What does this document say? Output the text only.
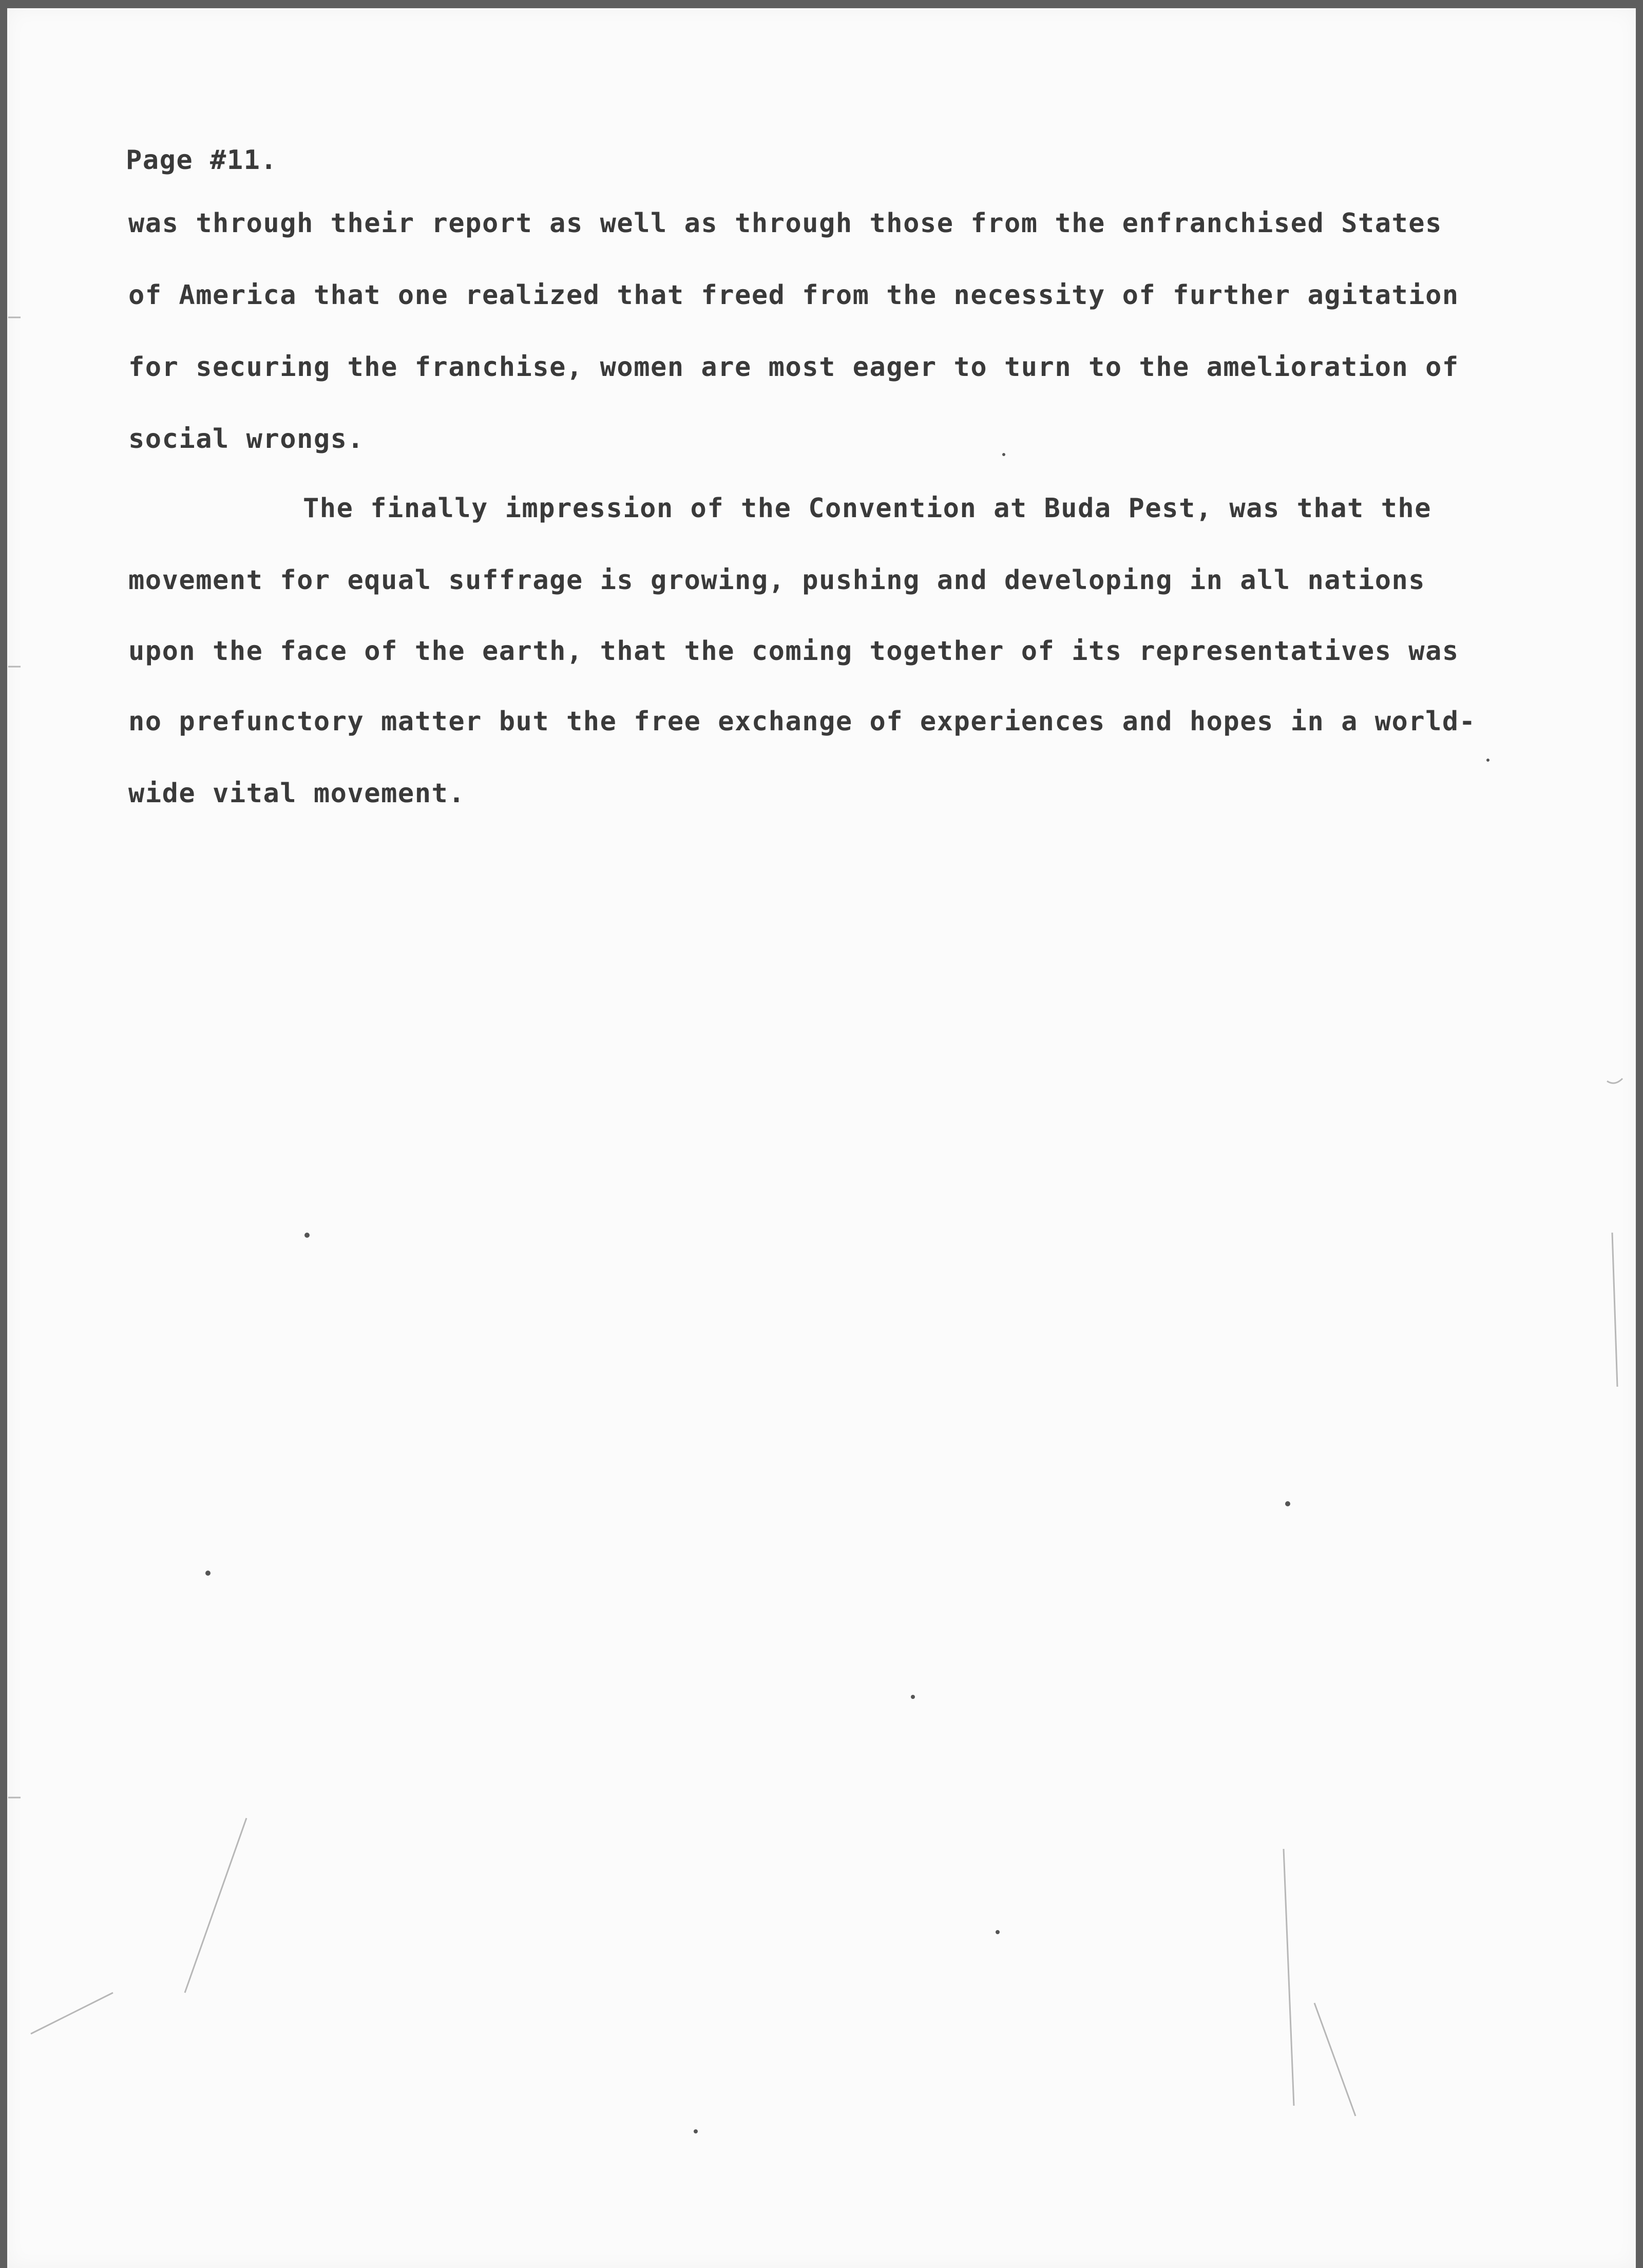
Page #11.
was through their report as well as through those from the enfranchised States
of America that one realized that freed from the necessity of further agitation
for securing the franchise, women are most eager to turn to the amelioration of
social wrongs.
The finally impression of the Convention at Buda Pest, was that the
movement for equal suffrage is growing, pushing and developing in all nations
upon the face of the earth, that the coming together of its representatives was
no prefunctory matter but the free exchange of experiences and hopes in a world-
wide vital movement.
